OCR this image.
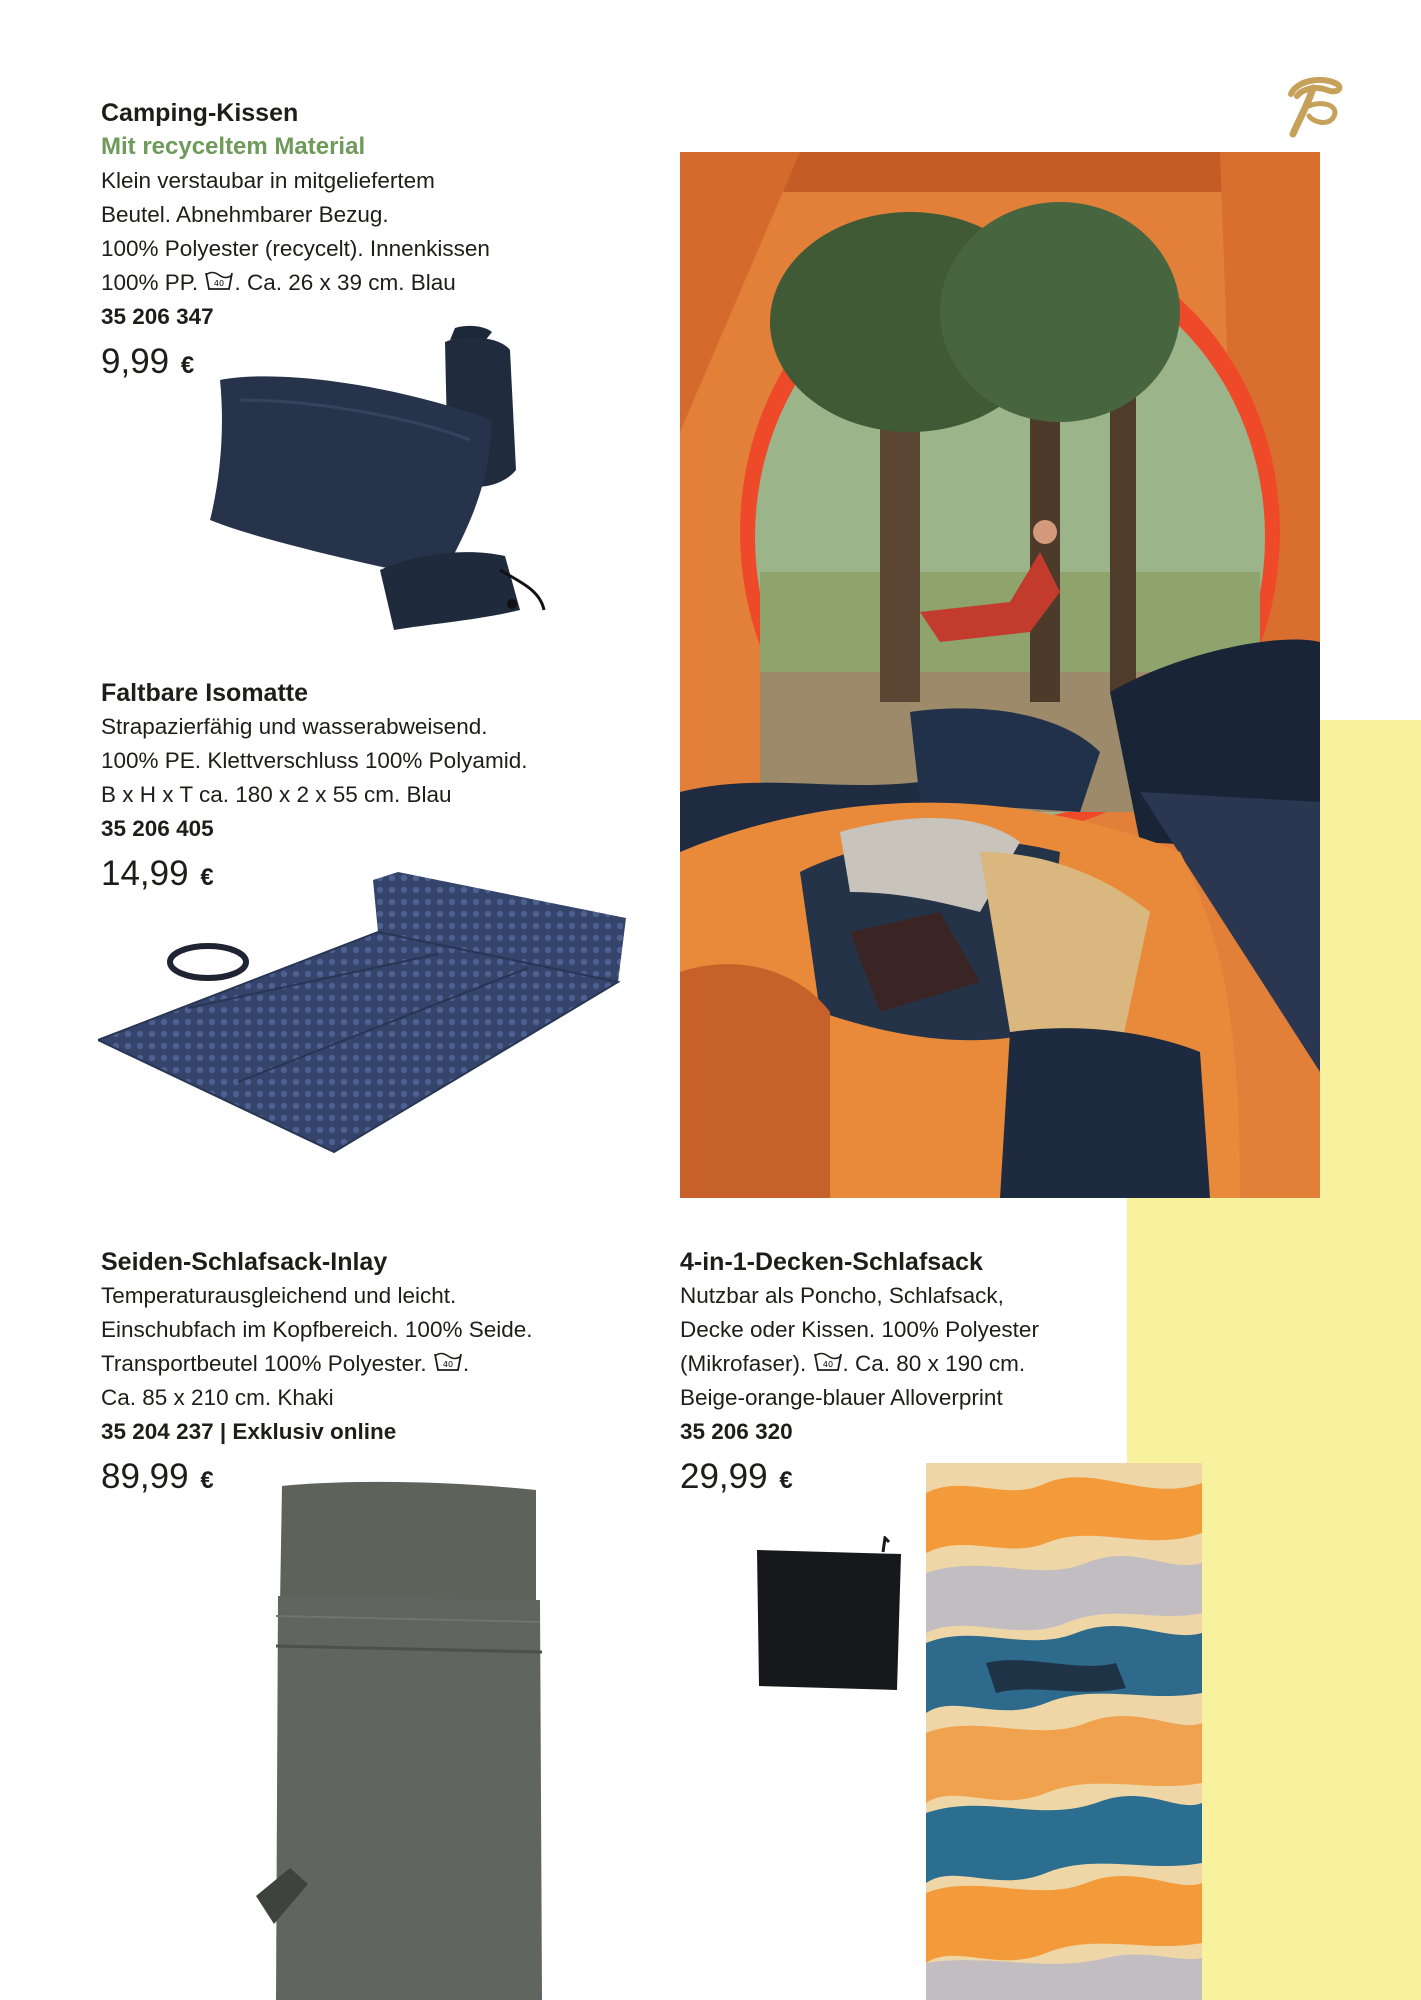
Camping-Kissen
Mit recyceltem Material
Klein verstaubar in mitgeliefertem
Beutel. Abnehmbarer Bezug.
100% Polyester (recycelt). Innenkissen
100% PP. 40 . Ca. 26 x 39 cm. Blau
35 206 347
9,99 €
Faltbare Isomatte
Strapazierfähig und wasserabweisend.
100% PE. Klettverschluss 100% Polyamid.
B x H x T ca. 180 x 2 x 55 cm. Blau
35 206 405
14,99 €
Seiden-Schlafsack-Inlay
Temperaturausgleichend und leicht.
Einschubfach im Kopfbereich. 100% Seide.
Transportbeutel 100% Polyester. 40 .
Ca. 85 x 210 cm. Khaki
35 204 237 | Exklusiv online
89,99 €
4-in-1-Decken-Schlafsack
Nutzbar als Poncho, Schlafsack,
Decke oder Kissen. 100% Polyester
(Mikrofaser). 40 . Ca. 80 x 190 cm.
Beige-orange-blauer Alloverprint
35 206 320
29,99 €
